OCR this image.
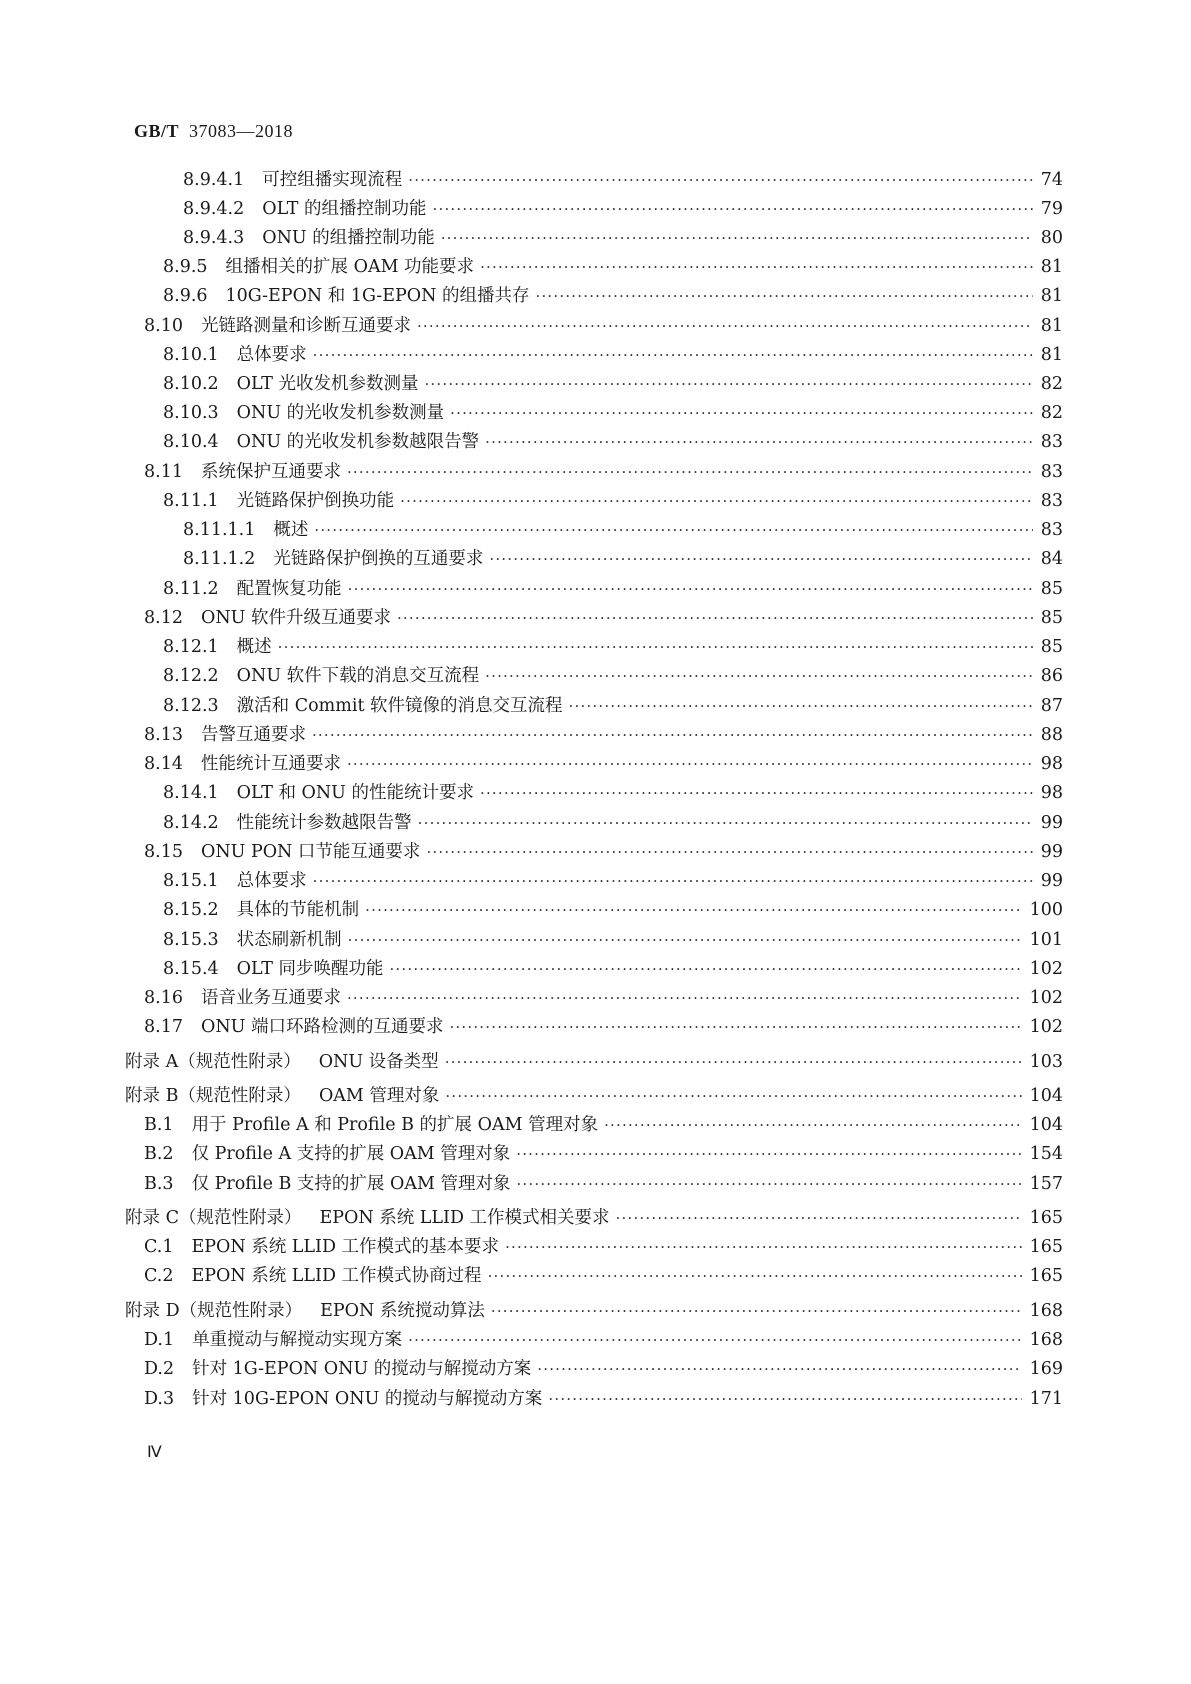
GB/T 37083—2018
8.9.4.1 可控组播实现流程 ·····	74
8.9.4.2 OLT 的组播控制功能 ·····	79
8.9.4.3 ONU 的组播控制功能 ·····	80
8.9.5 组播相关的扩展 OAM 功能要求 ·····	81
8.9.6 10G-EPON 和 1G-EPON 的组播共存 ·····	81
8.10 光链路测量和诊断互通要求 ·····	81
8.10.1 总体要求 ·····	81
8.10.2 OLT 光收发机参数测量 ·····	82
8.10.3 ONU 的光收发机参数测量 ·····	82
8.10.4 ONU 的光收发机参数越限告警 ·····	83
8.11 系统保护互通要求 ·····	83
8.11.1 光链路保护倒换功能 ·····	83
8.11.1.1 概述 ·····	83
8.11.1.2 光链路保护倒换的互通要求 ·····	84
8.11.2 配置恢复功能 ·····	85
8.12 ONU 软件升级互通要求 ·····	85
8.12.1 概述 ·····	85
8.12.2 ONU 软件下载的消息交互流程 ·····	86
8.12.3 激活和 Commit 软件镜像的消息交互流程 ·····	87
8.13 告警互通要求 ·····	88
8.14 性能统计互通要求 ·····	98
8.14.1 OLT 和 ONU 的性能统计要求 ·····	98
8.14.2 性能统计参数越限告警 ·····	99
8.15 ONU PON 口节能互通要求 ·····	99
8.15.1 总体要求 ·····	99
8.15.2 具体的节能机制 ·····	100
8.15.3 状态刷新机制 ·····	101
8.15.4 OLT 同步唤醒功能 ·····	102
8.16 语音业务互通要求 ·····	102
8.17 ONU 端口环路检测的互通要求 ·····	102
附录 A（规范性附录） ONU 设备类型 ·····	103
附录 B（规范性附录） OAM 管理对象 ·····	104
B.1 用于 Profile A 和 Profile B 的扩展 OAM 管理对象 ·····	104
B.2 仅 Profile A 支持的扩展 OAM 管理对象 ·····	154
B.3 仅 Profile B 支持的扩展 OAM 管理对象 ·····	157
附录 C（规范性附录） EPON 系统 LLID 工作模式相关要求 ·····	165
C.1 EPON 系统 LLID 工作模式的基本要求 ·····	165
C.2 EPON 系统 LLID 工作模式协商过程 ·····	165
附录 D（规范性附录） EPON 系统搅动算法 ·····	168
D.1 单重搅动与解搅动实现方案 ·····	168
D.2 针对 1G-EPON ONU 的搅动与解搅动方案 ·····	169
D.3 针对 10G-EPON ONU 的搅动与解搅动方案 ·····	171
Ⅳ
